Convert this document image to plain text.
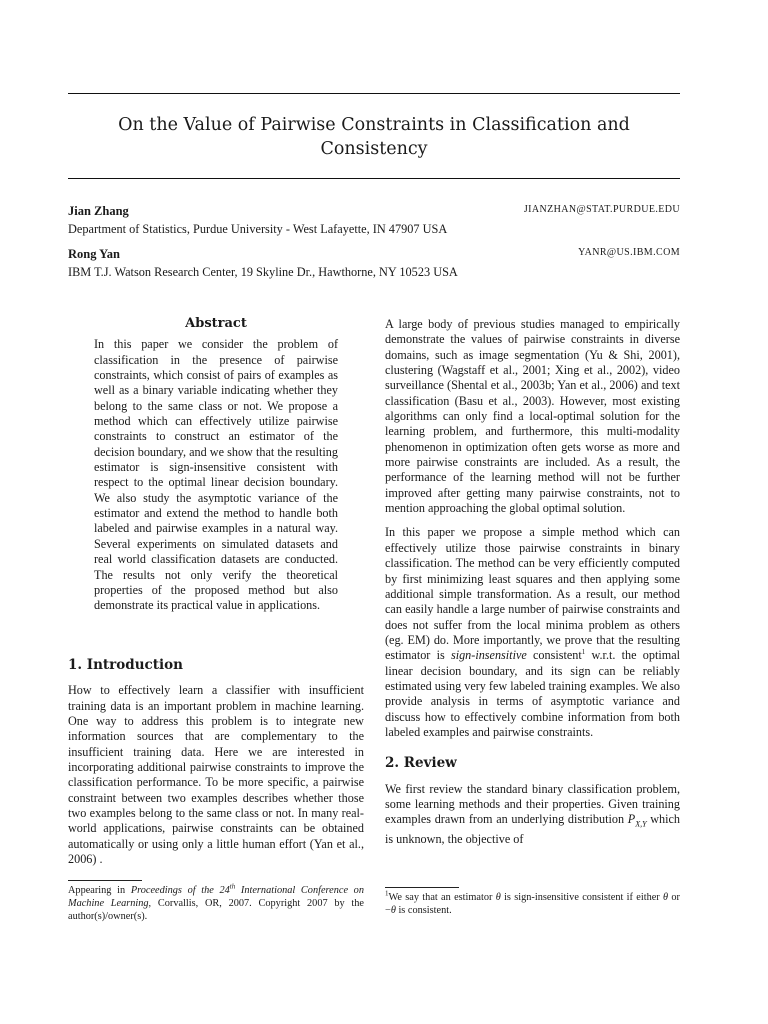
On the Value of Pairwise Constraints in Classification and
Consistency
Jian Zhang	JIANZHAN@STAT.PURDUE.EDU
Department of Statistics, Purdue University - West Lafayette, IN 47907 USA
Rong Yan	YANR@US.IBM.COM
IBM T.J. Watson Research Center, 19 Skyline Dr., Hawthorne, NY 10523 USA
Abstract

In this paper we consider the problem of classification in the presence of pairwise constraints, which consist of pairs of examples as well as a binary variable indicating whether they belong to the same class or not. We propose a method which can effectively utilize pairwise constraints to construct an estimator of the decision boundary, and we show that the resulting estimator is sign-insensitive consistent with respect to the optimal linear decision boundary. We also study the asymptotic variance of the estimator and extend the method to handle both labeled and pairwise examples in a natural way. Several experiments on simulated datasets and real world classification datasets are conducted. The results not only verify the theoretical properties of the proposed method but also demonstrate its practical value in applications.

1. Introduction

How to effectively learn a classifier with insufficient training data is an important problem in machine learning. One way to address this problem is to integrate new information sources that are complementary to the insufficient training data. Here we are interested in incorporating additional pairwise constraints to improve the classification performance. To be more specific, a pairwise constraint between two examples describes whether those two examples belong to the same class or not. In many real-world applications, pairwise constraints can be obtained automatically or using only a little human effort (Yan et al., 2006) .

Appearing in Proceedings of the 24th International Conference on Machine Learning, Corvallis, OR, 2007. Copyright 2007 by the author(s)/owner(s).

A large body of previous studies managed to empirically demonstrate the values of pairwise constraints in diverse domains, such as image segmentation (Yu & Shi, 2001), clustering (Wagstaff et al., 2001; Xing et al., 2002), video surveillance (Shental et al., 2003b; Yan et al., 2006) and text classification (Basu et al., 2003). However, most existing algorithms can only find a local-optimal solution for the learning problem, and furthermore, this multi-modality phenomenon in optimization often gets worse as more and more pairwise constraints are included. As a result, the performance of the learning method will not be further improved after getting many pairwise constraints, not to mention approaching the global optimal solution.

In this paper we propose a simple method which can effectively utilize those pairwise constraints in binary classification. The method can be very efficiently computed by first minimizing least squares and then applying some additional simple transformation. As a result, our method can easily handle a large number of pairwise constraints and does not suffer from the local minima problem as others (eg. EM) do. More importantly, we prove that the resulting estimator is sign-insensitive consistent$^1$ w.r.t. the optimal linear decision boundary, and its sign can be reliably estimated using very few labeled training examples. We also provide analysis in terms of asymptotic variance and discuss how to effectively combine information from both labeled examples and pairwise constraints.

2. Review

We first review the standard binary classification problem, some learning methods and their properties. Given training examples drawn from an underlying distribution $P_{X,Y}$ which is unknown, the objective of

$^1$We say that an estimator θ is sign-insensitive consistent if either θ or −θ is consistent.
